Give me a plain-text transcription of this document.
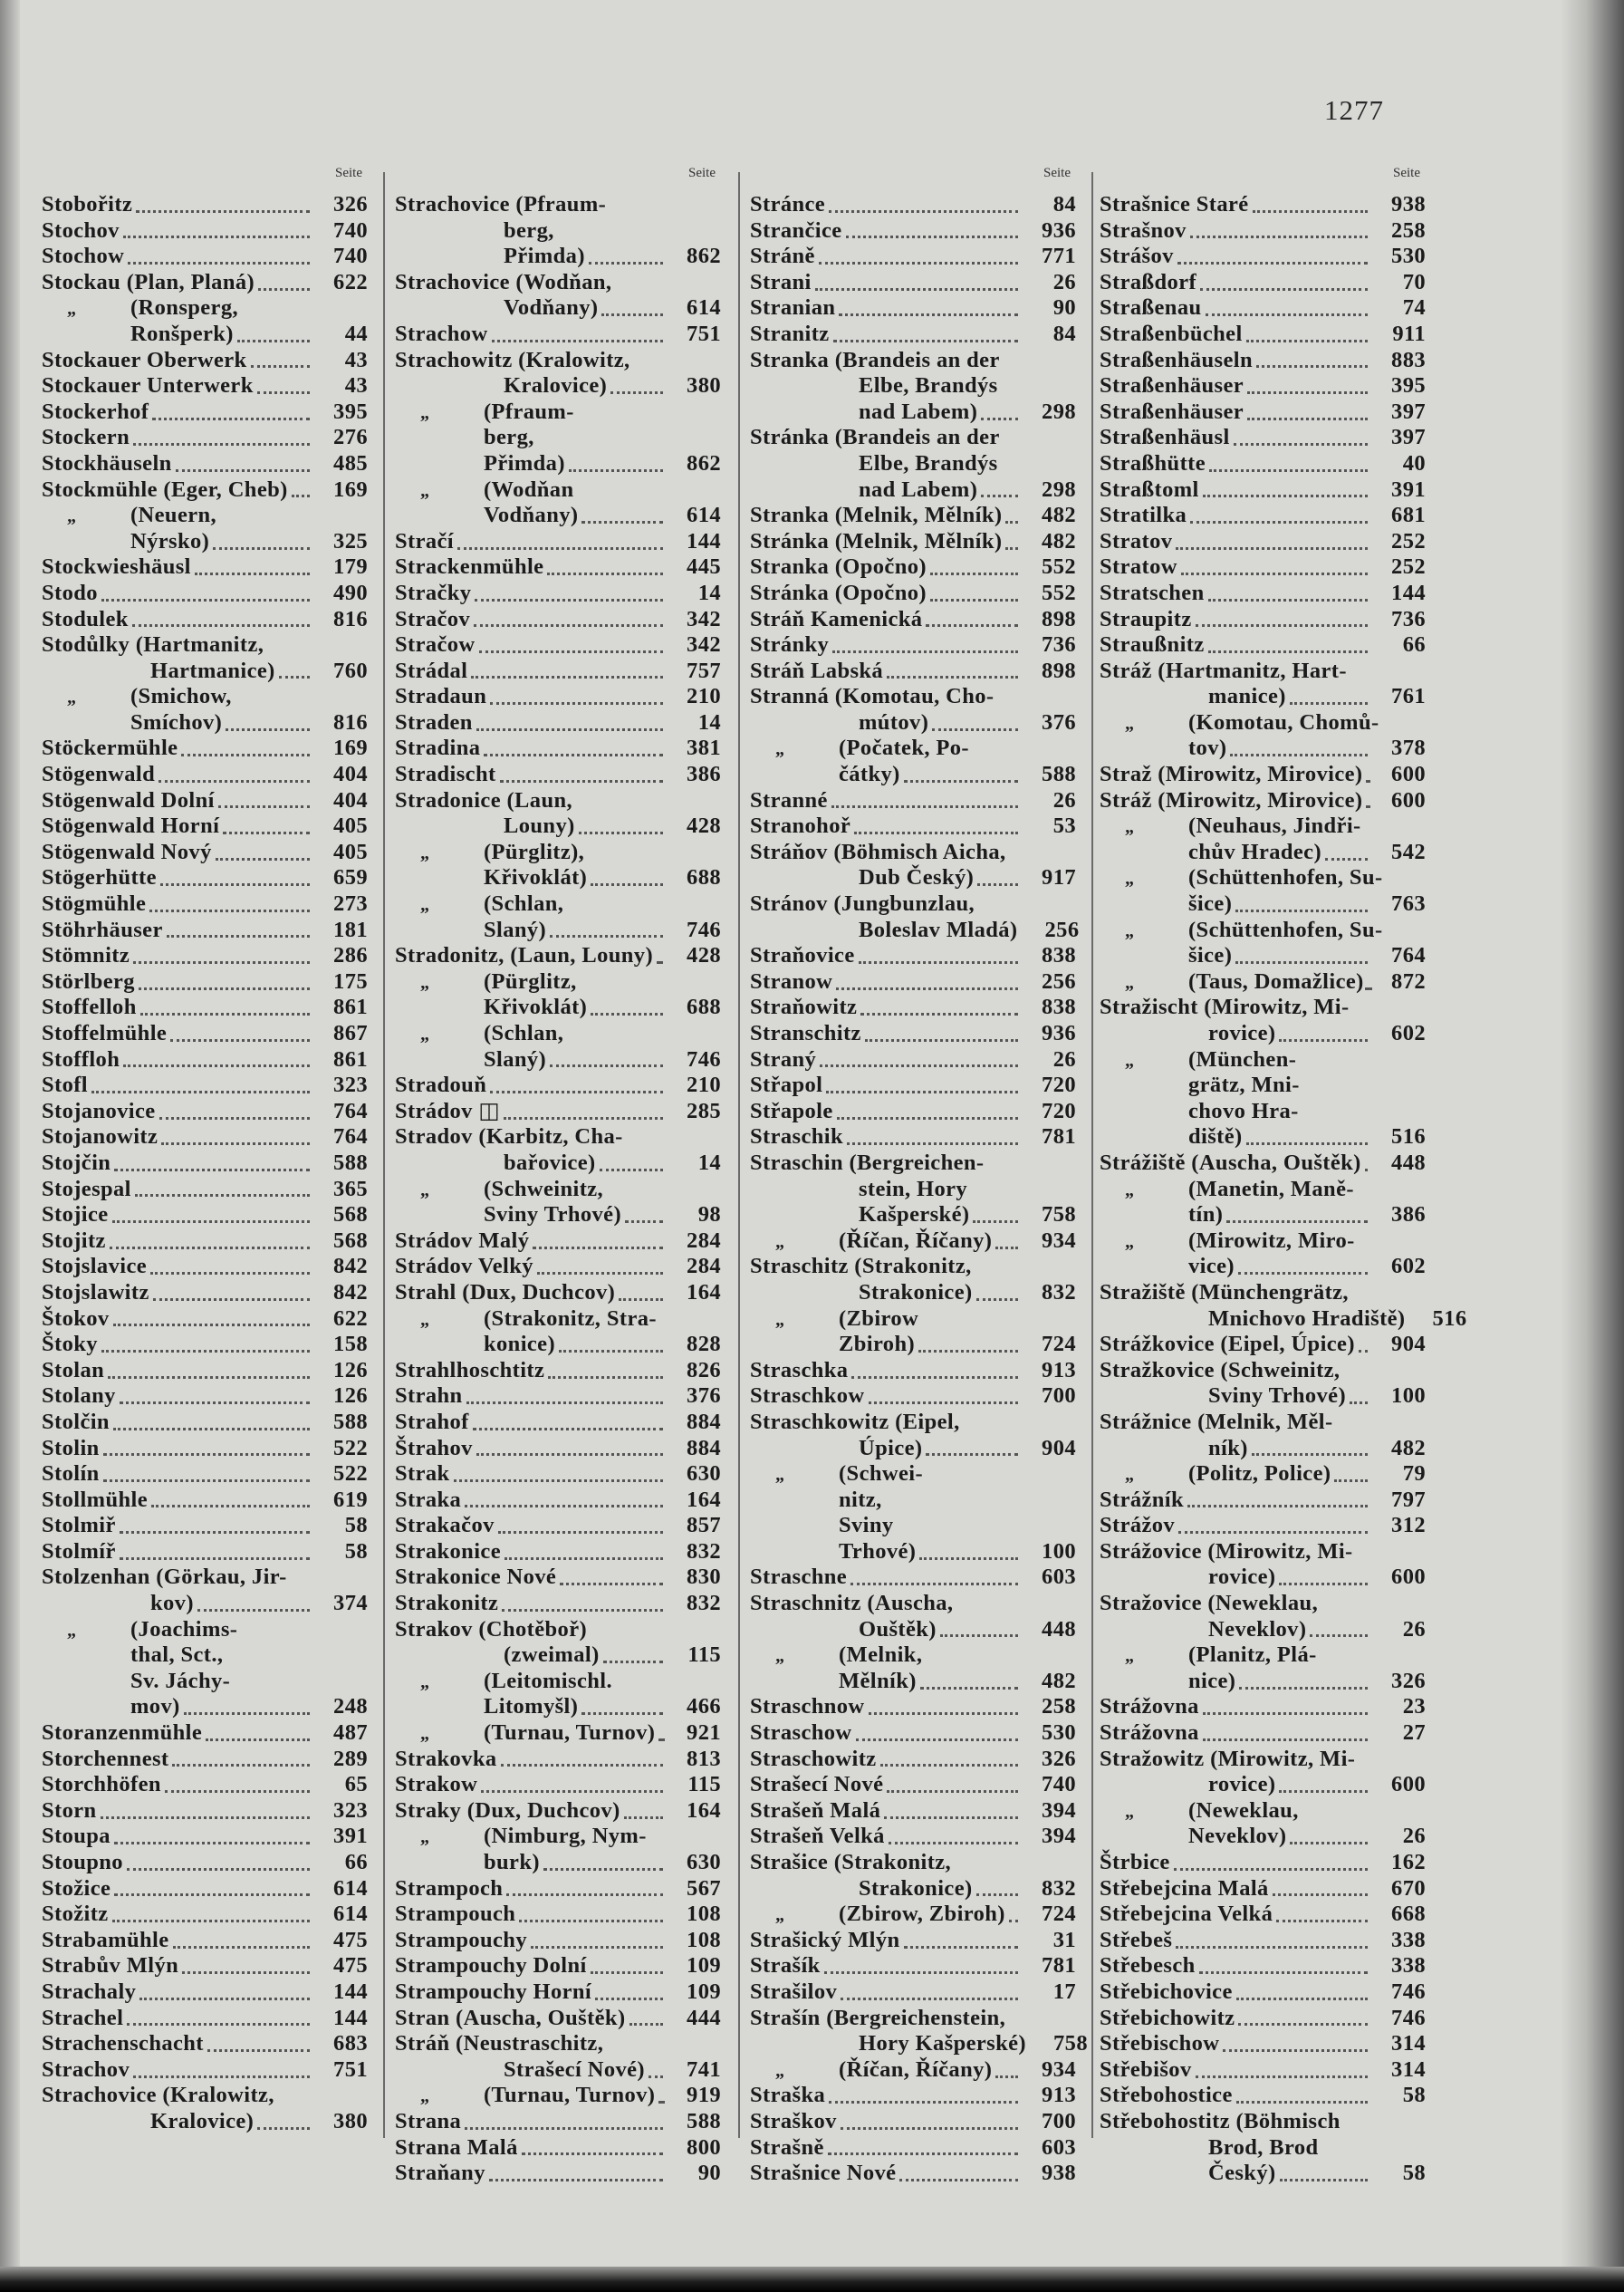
1277
Seite
Stobořitz	326
Stochov	740
Stochow	740
Stockau (Plan, Planá)	622
„	(Ronsperg,
Ronšperk)	44
Stockauer Oberwerk	43
Stockauer Unterwerk	43
Stockerhof	395
Stockern	276
Stockhäuseln	485
Stockmühle (Eger, Cheb)	169
„	(Neuern,
Nýrsko)	325
Stockwieshäusl	179
Stodo	490
Stodulek	816
Stodůlky (Hartmanitz,
Hartmanice)	760
„	(Smichow,
Smíchov)	816
Stöckermühle	169
Stögenwald	404
Stögenwald Dolní	404
Stögenwald Horní	405
Stögenwald Nový	405
Stögerhütte	659
Stögmühle	273
Stöhrhäuser	181
Stömnitz	286
Störlberg	175
Stoffelloh	861
Stoffelmühle	867
Stoffloh	861
Stofl	323
Stojanovice	764
Stojanowitz	764
Stojčin	588
Stojespal	365
Stojice	568
Stojitz	568
Stojslavice	842
Stojslawitz	842
Štokov	622
Štoky	158
Stolan	126
Stolany	126
Stolčin	588
Stolin	522
Stolín	522
Stollmühle	619
Stolmiř	58
Stolmíř	58
Stolzenhan (Görkau, Jir-
kov)	374
„	(Joachims-
thal, Sct.,
Sv. Jáchy-
mov)	248
Storanzenmühle	487
Storchennest	289
Storchhöfen	65
Storn	323
Stoupa	391
Stoupno	66
Stožice	614
Stožitz	614
Strabamühle	475
Strabův Mlýn	475
Strachaly	144
Strachel	144
Strachenschacht	683
Strachov	751
Strachovice (Kralowitz,
Kralovice)	380
Seite
Strachovice (Pfraum-
berg,
Přimda)	862
Strachovice (Wodňan,
Vodňany)	614
Strachow	751
Strachowitz (Kralowitz,
Kralovice)	380
„	(Pfraum-
berg,
Přimda)	862
„	(Wodňan
Vodňany)	614
Stračí	144
Strackenmühle	445
Stračky	14
Stračov	342
Stračow	342
Strádal	757
Stradaun	210
Straden	14
Stradina	381
Stradischt	386
Stradonice (Laun,
Louny)	428
„	(Pürglitz),
Křivoklát)	688
„	(Schlan,
Slaný)	746
Stradonitz, (Laun, Louny)	428
„	(Pürglitz,
Křivoklát)	688
„	(Schlan,
Slaný)	746
Stradouň	210
Strádov ◫	285
Stradov (Karbitz, Cha-
bařovice)	14
„	(Schweinitz,
Sviny Trhové)	98
Strádov Malý	284
Strádov Velký	284
Strahl (Dux, Duchcov)	164
„	(Strakonitz, Stra-
konice)	828
Strahlhoschtitz	826
Strahn	376
Strahof	884
Štrahov	884
Strak	630
Straka	164
Strakačov	857
Strakonice	832
Strakonice Nové	830
Strakonitz	832
Strakov (Chotěboř)
(zweimal)	115
„	(Leitomischl.
Litomyšl)	466
„	(Turnau, Turnov)	921
Strakovka	813
Strakow	115
Straky (Dux, Duchcov)	164
„	(Nimburg, Nym-
burk)	630
Strampoch	567
Strampouch	108
Strampouchy	108
Strampouchy Dolní	109
Strampouchy Horní	109
Stran (Auscha, Ouštěk)	444
Stráň (Neustraschitz,
Strašecí Nové)	741
„	(Turnau, Turnov)	919
Strana	588
Strana Malá	800
Straňany	90
Seite
Stránce	84
Strančice	936
Stráně	771
Strani	26
Stranian	90
Stranitz	84
Stranka (Brandeis an der
Elbe, Brandýs
nad Labem)	298
Stránka (Brandeis an der
Elbe, Brandýs
nad Labem)	298
Stranka (Melnik, Mělník)	482
Stránka (Melnik, Mělník)	482
Stranka (Opočno)	552
Stránka (Opočno)	552
Stráň Kamenická	898
Stránky	736
Stráň Labská	898
Stranná (Komotau, Cho-
mútov)	376
„	(Počatek, Po-
čátky)	588
Stranné	26
Stranohoř	53
Stráňov (Böhmisch Aicha,
Dub Český)	917
Stránov (Jungbunzlau,
Boleslav Mladá)	256
Straňovice	838
Stranow	256
Straňowitz	838
Stranschitz	936
Straný	26
Střapol	720
Střapole	720
Straschik	781
Straschin (Bergreichen-
stein, Hory
Kašperské)	758
„	(Říčan, Říčany)	934
Straschitz (Strakonitz,
Strakonice)	832
„	(Zbirow
Zbiroh)	724
Straschka	913
Straschkow	700
Straschkowitz (Eipel,
Úpice)	904
„	(Schwei-
nitz,
Sviny
Trhové)	100
Straschne	603
Straschnitz (Auscha,
Ouštěk)	448
„	(Melnik,
Mělník)	482
Straschnow	258
Straschow	530
Straschowitz	326
Strašecí Nové	740
Strašeň Malá	394
Strašeň Velká	394
Strašice (Strakonitz,
Strakonice)	832
„	(Zbirow, Zbiroh)	724
Strašický Mlýn	31
Strašík	781
Strašilov	17
Strašín (Bergreichenstein,
Hory Kašperské)	758
„	(Říčan, Říčany)	934
Straška	913
Straškov	700
Strašně	603
Strašnice Nové	938
Seite
Strašnice Staré	938
Strašnov	258
Strášov	530
Straßdorf	70
Straßenau	74
Straßenbüchel	911
Straßenhäuseln	883
Straßenhäuser	395
Straßenhäuser	397
Straßenhäusl	397
Straßhütte	40
Straßtoml	391
Stratilka	681
Stratov	252
Stratow	252
Stratschen	144
Straupitz	736
Straußnitz	66
Stráž (Hartmanitz, Hart-
manice)	761
„	(Komotau, Chomů-
tov)	378
Straž (Mirowitz, Mirovice)	600
Stráž (Mirowitz, Mirovice)	600
„	(Neuhaus, Jindři-
chův Hradec)	542
„	(Schüttenhofen, Su-
šice)	763
„	(Schüttenhofen, Su-
šice)	764
„	(Taus, Domažlice)	872
Stražischt (Mirowitz, Mi-
rovice)	602
„	(München-
grätz, Mni-
chovo Hra-
diště)	516
Strážiště (Auscha, Ouštěk)	448
„	(Manetin, Maně-
tín)	386
„	(Mirowitz, Miro-
vice)	602
Stražiště (Münchengrätz,
Mnichovo Hradiště)	516
Strážkovice (Eipel, Úpice)	904
Stražkovice (Schweinitz,
Sviny Trhové)	100
Strážnice (Melnik, Měl-
ník)	482
„	(Politz, Police)	79
Strážník	797
Strážov	312
Strážovice (Mirowitz, Mi-
rovice)	600
Stražovice (Neweklau,
Neveklov)	26
„	(Planitz, Plá-
nice)	326
Strážovna	23
Strážovna	27
Stražowitz (Mirowitz, Mi-
rovice)	600
„	(Neweklau,
Neveklov)	26
Štrbice	162
Střebejcina Malá	670
Střebejcina Velká	668
Střebeš	338
Střebesch	338
Střebichovice	746
Střebichowitz	746
Střebischow	314
Střebišov	314
Střebohostice	58
Střebohostitz (Böhmisch
Brod, Brod
Český)	58
